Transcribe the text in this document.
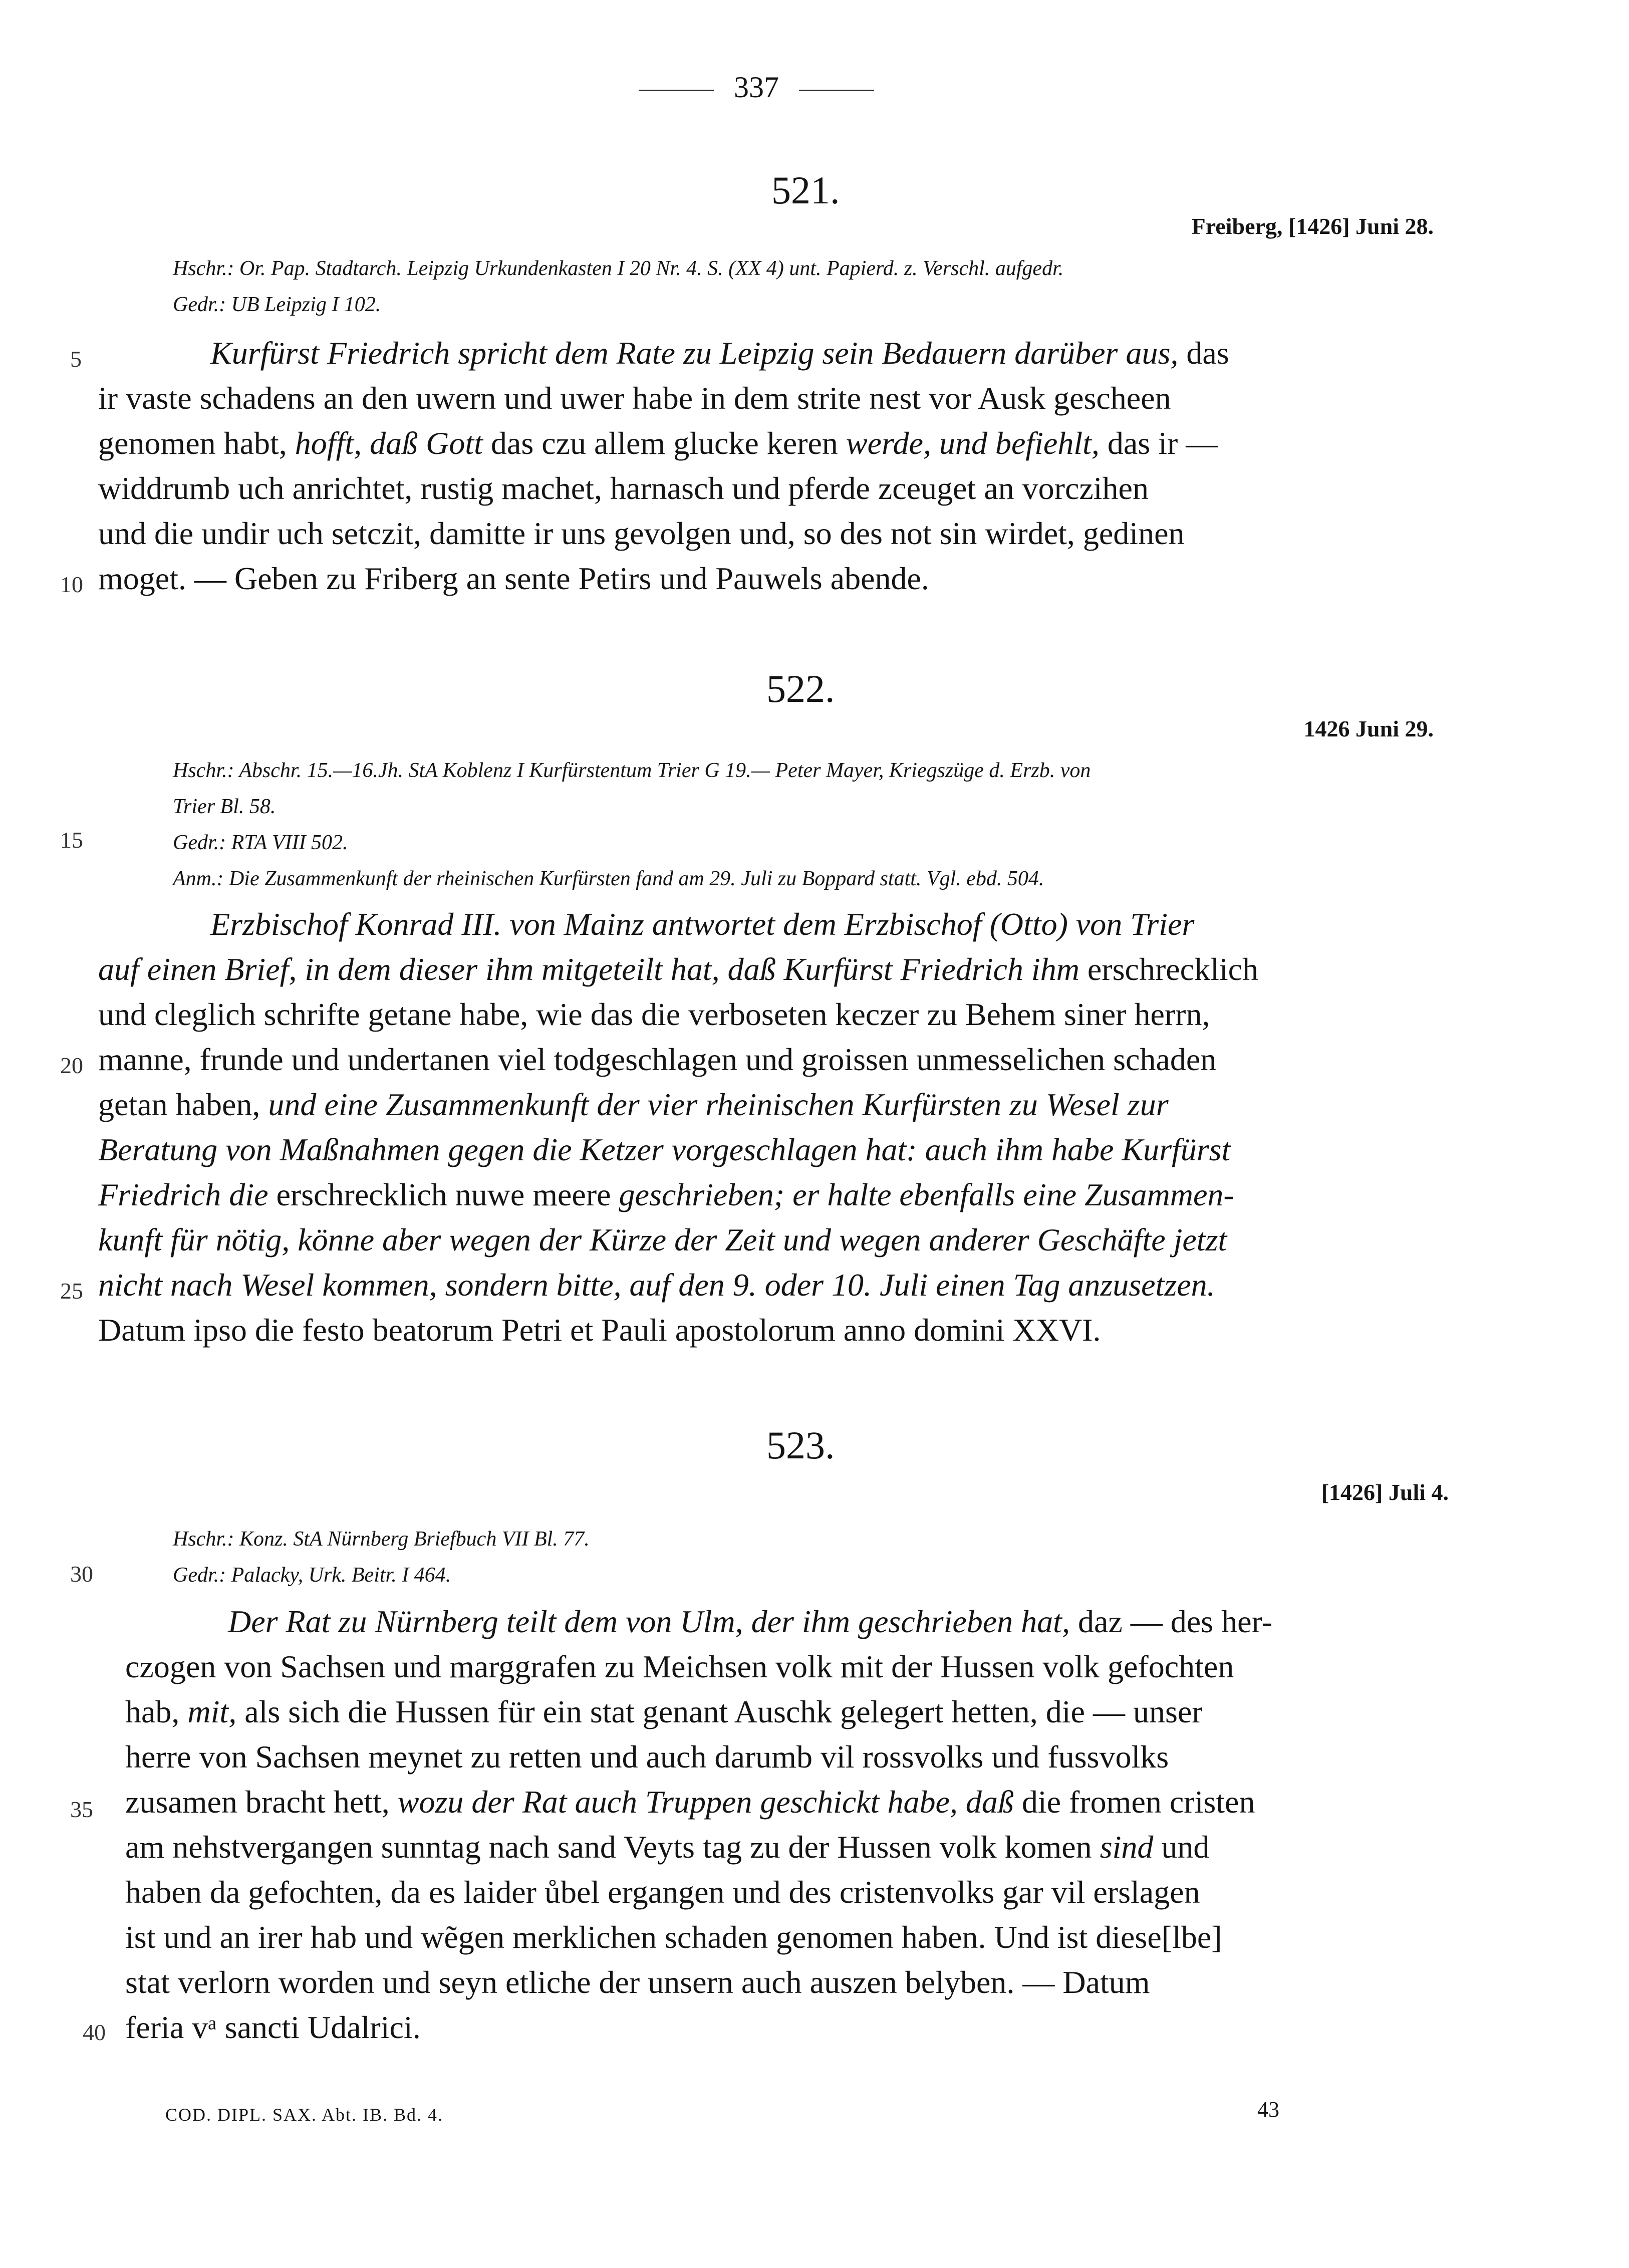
337
521.
Freiberg, [1426] Juni 28.
Hschr.: Or. Pap. Stadtarch. Leipzig Urkundenkasten I 20 Nr. 4. S. (XX 4) unt. Papierd. z. Verschl. aufgedr.
Gedr.: UB Leipzig I 102.
Kurfürst Friedrich spricht dem Rate zu Leipzig sein Bedauern darüber aus, das
ir vaste schadens an den uwern und uwer habe in dem strite nest vor Ausk gescheen
genomen habt, hofft, daß Gott das czu allem glucke keren werde, und befiehlt, das ir —
widdrumb uch anrichtet, rustig machet, harnasch und pferde zceuget an vorczihen
und die undir uch setczit, damitte ir uns gevolgen und, so des not sin wirdet, gedinen
moget. — Geben zu Friberg an sente Petirs und Pauwels abende.
522.
1426 Juni 29.
Hschr.: Abschr. 15.—16.Jh. StA Koblenz I Kurfürstentum Trier G 19.— Peter Mayer, Kriegszüge d. Erzb. von
Trier Bl. 58.
Gedr.: RTA VIII 502.
Anm.: Die Zusammenkunft der rheinischen Kurfürsten fand am 29. Juli zu Boppard statt. Vgl. ebd. 504.
Erzbischof Konrad III. von Mainz antwortet dem Erzbischof (Otto) von Trier
auf einen Brief, in dem dieser ihm mitgeteilt hat, daß Kurfürst Friedrich ihm erschrecklich
und cleglich schrifte getane habe, wie das die verboseten keczer zu Behem siner herrn,
manne, frunde und undertanen viel todgeschlagen und groissen unmesselichen schaden
getan haben, und eine Zusammenkunft der vier rheinischen Kurfürsten zu Wesel zur
Beratung von Maßnahmen gegen die Ketzer vorgeschlagen hat: auch ihm habe Kurfürst
Friedrich die erschrecklich nuwe meere geschrieben; er halte ebenfalls eine Zusammen-
kunft für nötig, könne aber wegen der Kürze der Zeit und wegen anderer Geschäfte jetzt
nicht nach Wesel kommen, sondern bitte, auf den 9. oder 10. Juli einen Tag anzusetzen.
Datum ipso die festo beatorum Petri et Pauli apostolorum anno domini XXVI.
523.
[1426] Juli 4.
Hschr.: Konz. StA Nürnberg Briefbuch VII Bl. 77.
Gedr.: Palacky, Urk. Beitr. I 464.
Der Rat zu Nürnberg teilt dem von Ulm, der ihm geschrieben hat, daz — des her-
czogen von Sachsen und marggrafen zu Meichsen volk mit der Hussen volk gefochten
hab, mit, als sich die Hussen für ein stat genant Auschk gelegert hetten, die — unser
herre von Sachsen meynet zu retten und auch darumb vil rossvolks und fussvolks
zusamen bracht hett, wozu der Rat auch Truppen geschickt habe, daß die fromen cristen
am nehstvergangen sunntag nach sand Veyts tag zu der Hussen volk komen sind und
haben da gefochten, da es laider ůbel ergangen und des cristenvolks gar vil erslagen
ist und an irer hab und wẽgen merklichen schaden genomen haben. Und ist diese[lbe]
stat verlorn worden und seyn etliche der unsern auch auszen belyben. — Datum
feria vᵃ sancti Udalrici.
5
10
15
20
25
30
35
40
COD. DIPL. SAX. Abt. IB. Bd. 4.	43
